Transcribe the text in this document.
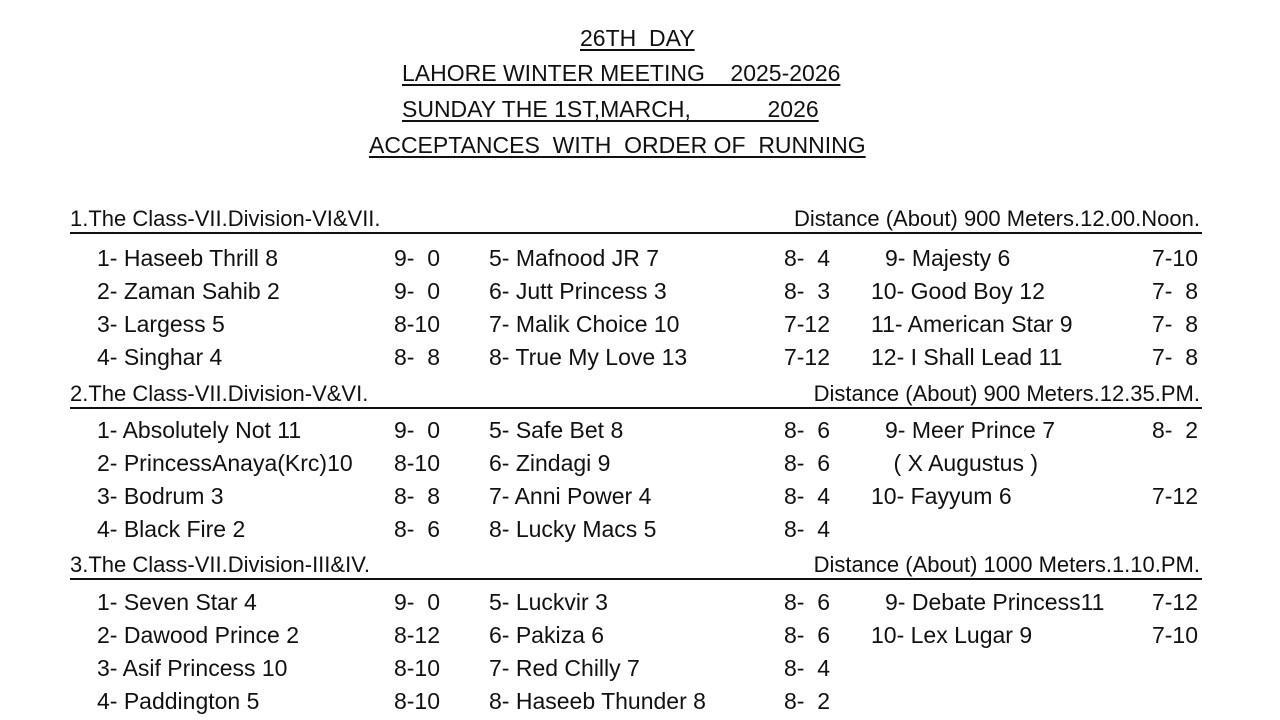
26TH  DAY
LAHORE WINTER MEETING    2025-2026
SUNDAY THE 1ST,MARCH,            2026
ACCEPTANCES  WITH  ORDER OF  RUNNING
1.The Class-VII.Division-VI&VII.	Distance (About) 900 Meters.12.00.Noon.
1- Haseeb Thrill 8	9-  0
2- Zaman Sahib 2	9-  0
3- Largess 5	8-10
4- Singhar 4	8-  8
5- Mafnood JR 7	8-  4
6- Jutt Princess 3	8-  3
7- Malik Choice 10	7-12
8- True My Love 13	7-12
9- Majesty 6	7-10
10- Good Boy 12	7-  8
11- American Star 9	7-  8
12- I Shall Lead 11	7-  8
2.The Class-VII.Division-V&VI.	Distance (About) 900 Meters.12.35.PM.
1- Absolutely Not 11	9-  0
2- PrincessAnaya(Krc)10 8-10
3- Bodrum 3	8-  8
4- Black Fire 2	8-  6
5- Safe Bet 8	8-  6
6- Zindagi 9	8-  6
7- Anni Power 4	8-  4
8- Lucky Macs 5	8-  4
9- Meer Prince 7	8-  2
( X Augustus )
10- Fayyum 6	7-12
3.The Class-VII.Division-III&IV.	Distance (About) 1000 Meters.1.10.PM.
1- Seven Star 4	9-  0
2- Dawood Prince 2	8-12
3- Asif Princess 10	8-10
4- Paddington 5	8-10
5- Luckvir 3	8-  6
6- Pakiza 6	8-  6
7- Red Chilly 7	8-  4
8- Haseeb Thunder 8	8-  2
9- Debate Princess11 7-12
10- Lex Lugar 9	7-10
